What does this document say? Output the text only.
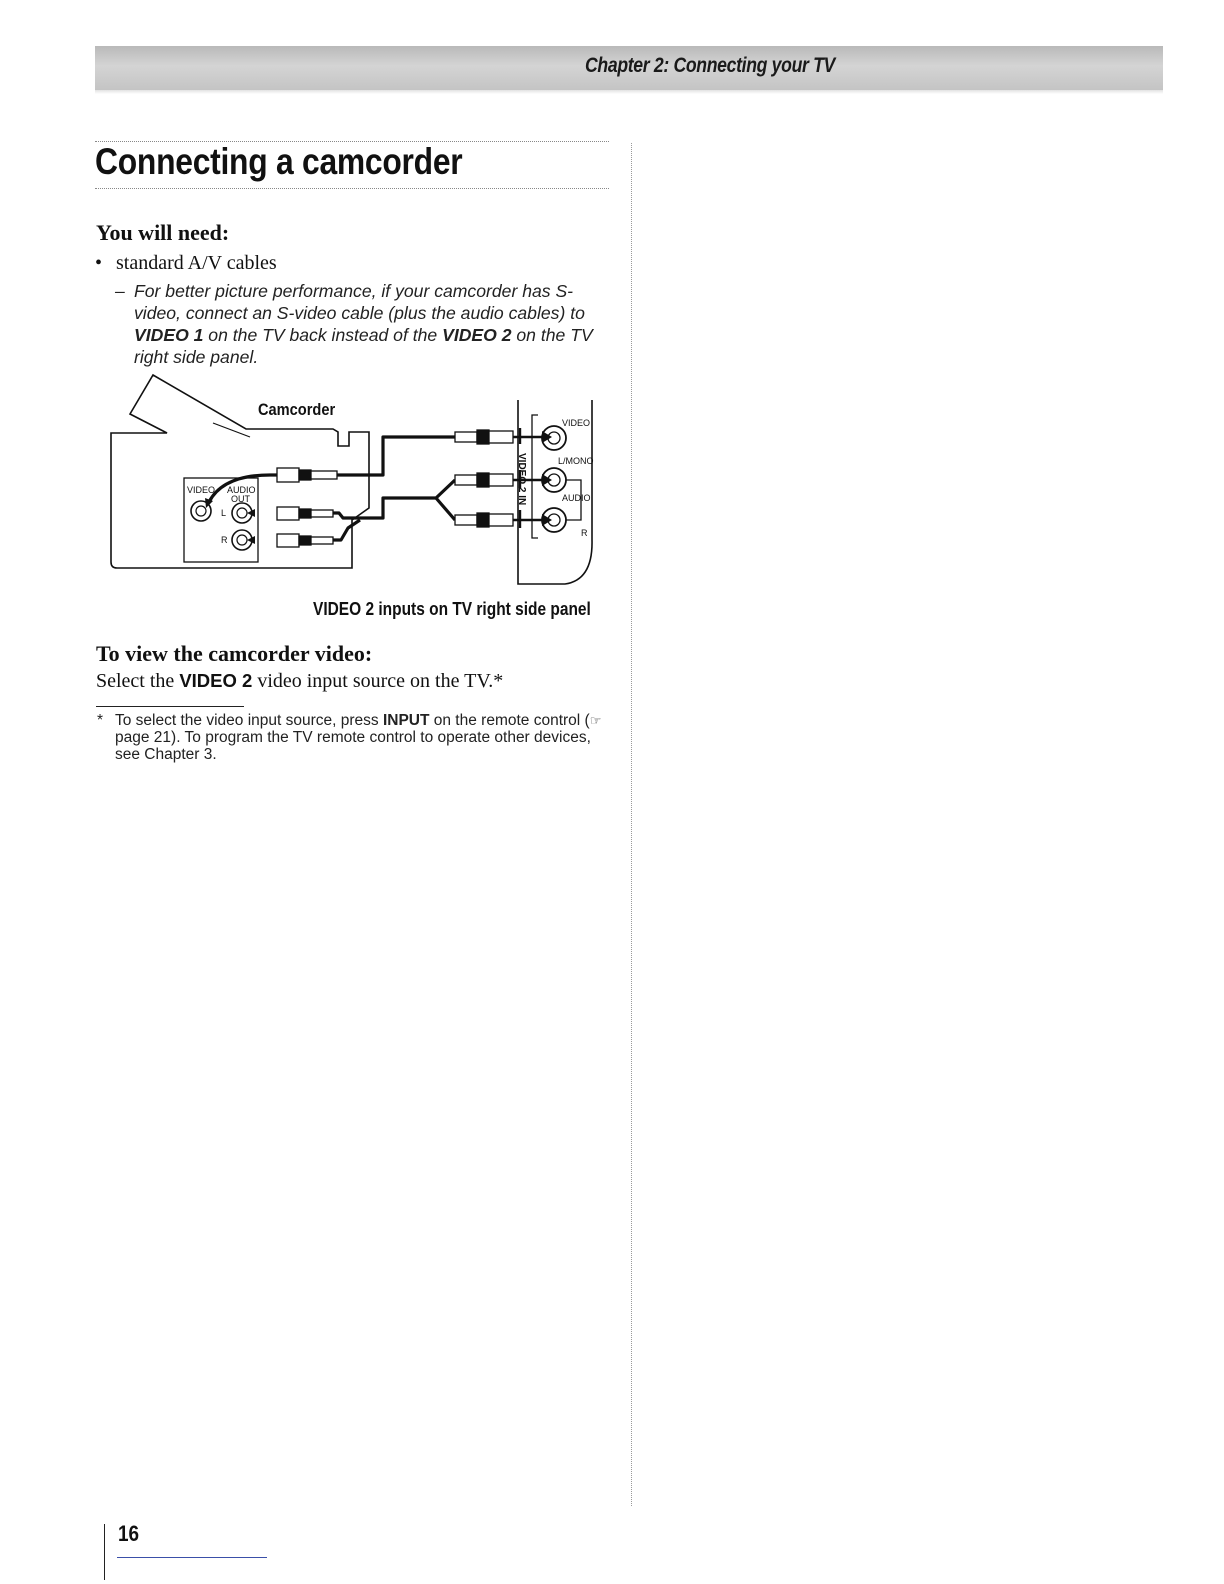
Chapter 2: Connecting your TV
Connecting a camcorder
You will need:
• standard A/V cables
– For better picture performance, if your camcorder has S-video, connect an S-video cable (plus the audio cables) to VIDEO 1 on the TV back instead of the VIDEO 2 on the TV right side panel.
Camcorder
VIDEO AUDIO
OUT
L
R
VIDEO
L/MONO
AUDIO
R
VIDEO 2 IN
VIDEO 2 inputs on TV right side panel
To view the camcorder video:
Select the VIDEO 2 video input source on the TV.*
* To select the video input source, press INPUT on the remote control (☞ page 21). To program the TV remote control to operate other devices, see Chapter 3.
16
